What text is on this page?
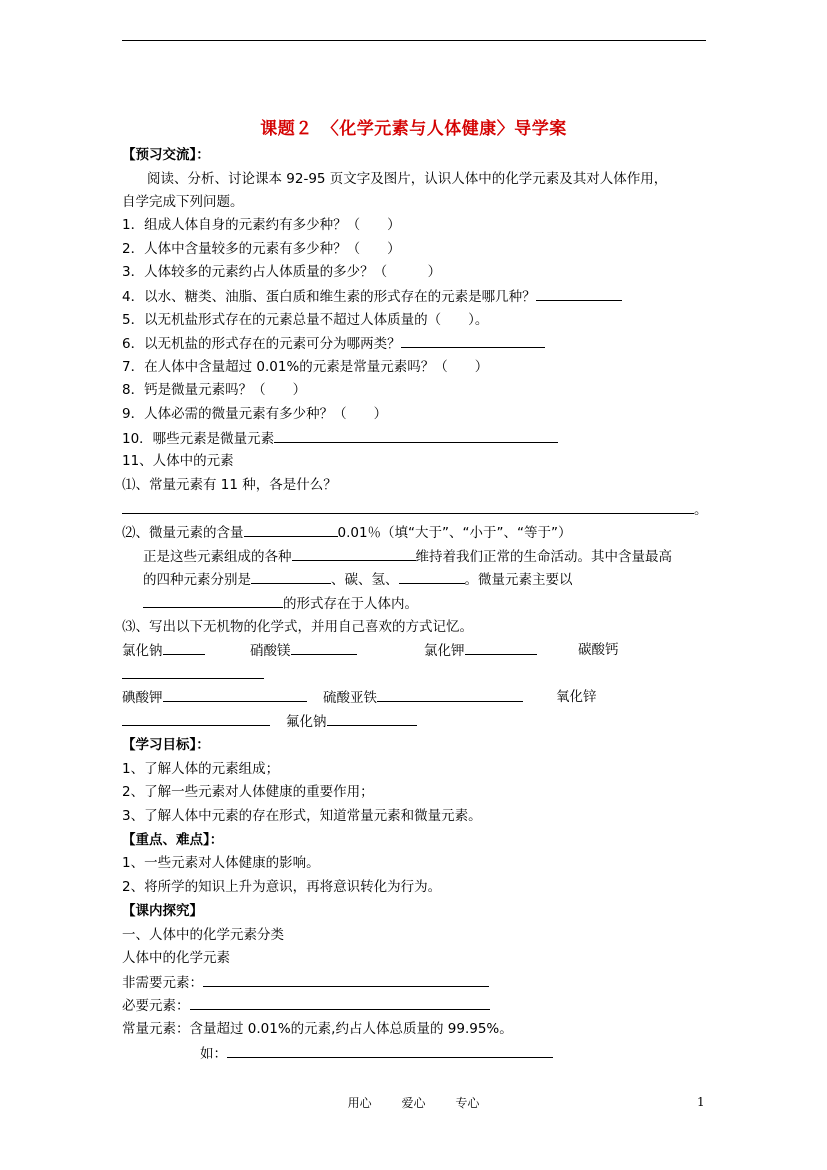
课题２　〈化学元素与人体健康〉导学案
【预习交流】：
阅读、分析、讨论课本 92-95 页文字及图片，认识人体中的化学元素及其对人体作用，
自学完成下列问题。
1．组成人体自身的元素约有多少种？（　　）
2．人体中含量较多的元素有多少种？（　　）
3．人体较多的元素约占人体质量的多少？（　　　）
4．以水、糖类、油脂、蛋白质和维生素的形式存在的元素是哪几种？
5．以无机盐形式存在的元素总量不超过人体质量的（　　）。
6．以无机盐的形式存在的元素可分为哪两类？
7．在人体中含量超过 0.01%的元素是常量元素吗？（　　）
8．钙是微量元素吗？（　　）
9．人体必需的微量元素有多少种？（　　）
10．哪些元素是微量元素
11、人体中的元素
⑴、常量元素有 11 种，各是什么？
。
⑵、微量元素的含量	0.01％（填“大于”、“小于”、“等于”）
正是这些元素组成的各种	维持着我们正常的生命活动。其中含量最高
的四种元素分别是	、碳、氢、	。微量元素主要以
的形式存在于人体内。
⑶、写出以下无机物的化学式，并用自己喜欢的方式记忆。
氯化钠	硝酸镁	氯化钾	碳酸钙
碘酸钾	硫酸亚铁	氧化锌
氟化钠
【学习目标】：
1、了解人体的元素组成；
2、了解一些元素对人体健康的重要作用；
3、了解人体中元素的存在形式，知道常量元素和微量元素。
【重点、难点】：
1、一些元素对人体健康的影响。
2、将所学的知识上升为意识，再将意识转化为行为。
【课内探究】
一、人体中的化学元素分类
人体中的化学元素
非需要元素：
必要元素：
常量元素：含量超过 0.01%的元素,约占人体总质量的 99.95%。
如：
用心 爱心 专心	1
